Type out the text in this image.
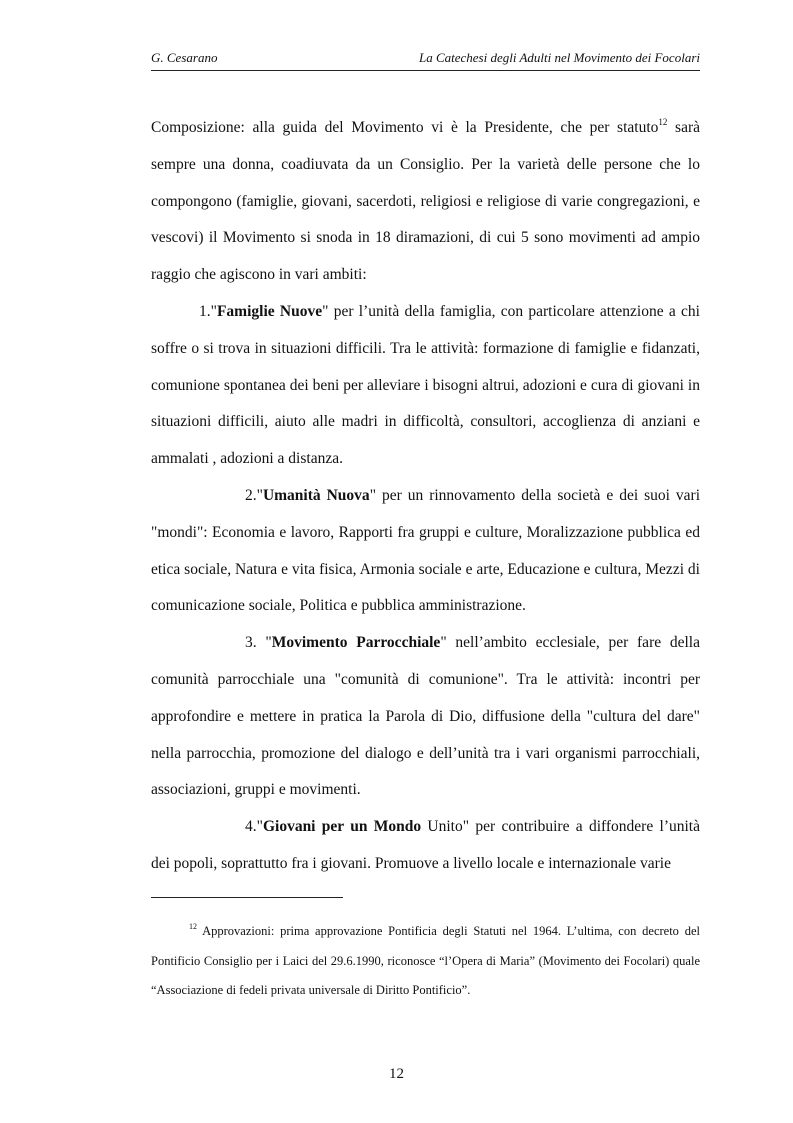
G. Cesarano	La Catechesi degli Adulti nel Movimento dei Focolari

Composizione: alla guida del Movimento vi è la Presidente, che per statuto$^{12}$ sarà sempre una donna, coadiuvata da un Consiglio. Per la varietà delle persone che lo compongono (famiglie, giovani, sacerdoti, religiosi e religiose di varie congregazioni, e vescovi) il Movimento si snoda in 18 diramazioni, di cui 5 sono movimenti ad ampio raggio che agiscono in vari ambiti:

1."Famiglie Nuove" per l’unità della famiglia, con particolare attenzione a chi soffre o si trova in situazioni difficili. Tra le attività: formazione di famiglie e fidanzati, comunione spontanea dei beni per alleviare i bisogni altrui, adozioni e cura di giovani in situazioni difficili, aiuto alle madri in difficoltà, consultori, accoglienza di anziani e ammalati , adozioni a distanza.

2."Umanità Nuova" per un rinnovamento della società e dei suoi vari "mondi": Economia e lavoro, Rapporti fra gruppi e culture, Moralizzazione pubblica ed etica sociale, Natura e vita fisica, Armonia sociale e arte, Educazione e cultura, Mezzi di comunicazione sociale, Politica e pubblica amministrazione.

3. "Movimento Parrocchiale" nell’ambito ecclesiale, per fare della comunità parrocchiale una "comunità di comunione". Tra le attività: incontri per approfondire e mettere in pratica la Parola di Dio, diffusione della "cultura del dare" nella parrocchia, promozione del dialogo e dell’unità tra i vari organismi parrocchiali, associazioni, gruppi e movimenti.

4."Giovani per un Mondo Unito" per contribuire a diffondere l’unità dei popoli, soprattutto fra i giovani. Promuove a livello locale e internazionale varie

$^{12}$ Approvazioni: prima approvazione Pontificia degli Statuti nel 1964. L’ultima, con decreto del Pontificio Consiglio per i Laici del 29.6.1990, riconosce “l’Opera di Maria” (Movimento dei Focolari) quale “Associazione di fedeli privata universale di Diritto Pontificio”.

12
